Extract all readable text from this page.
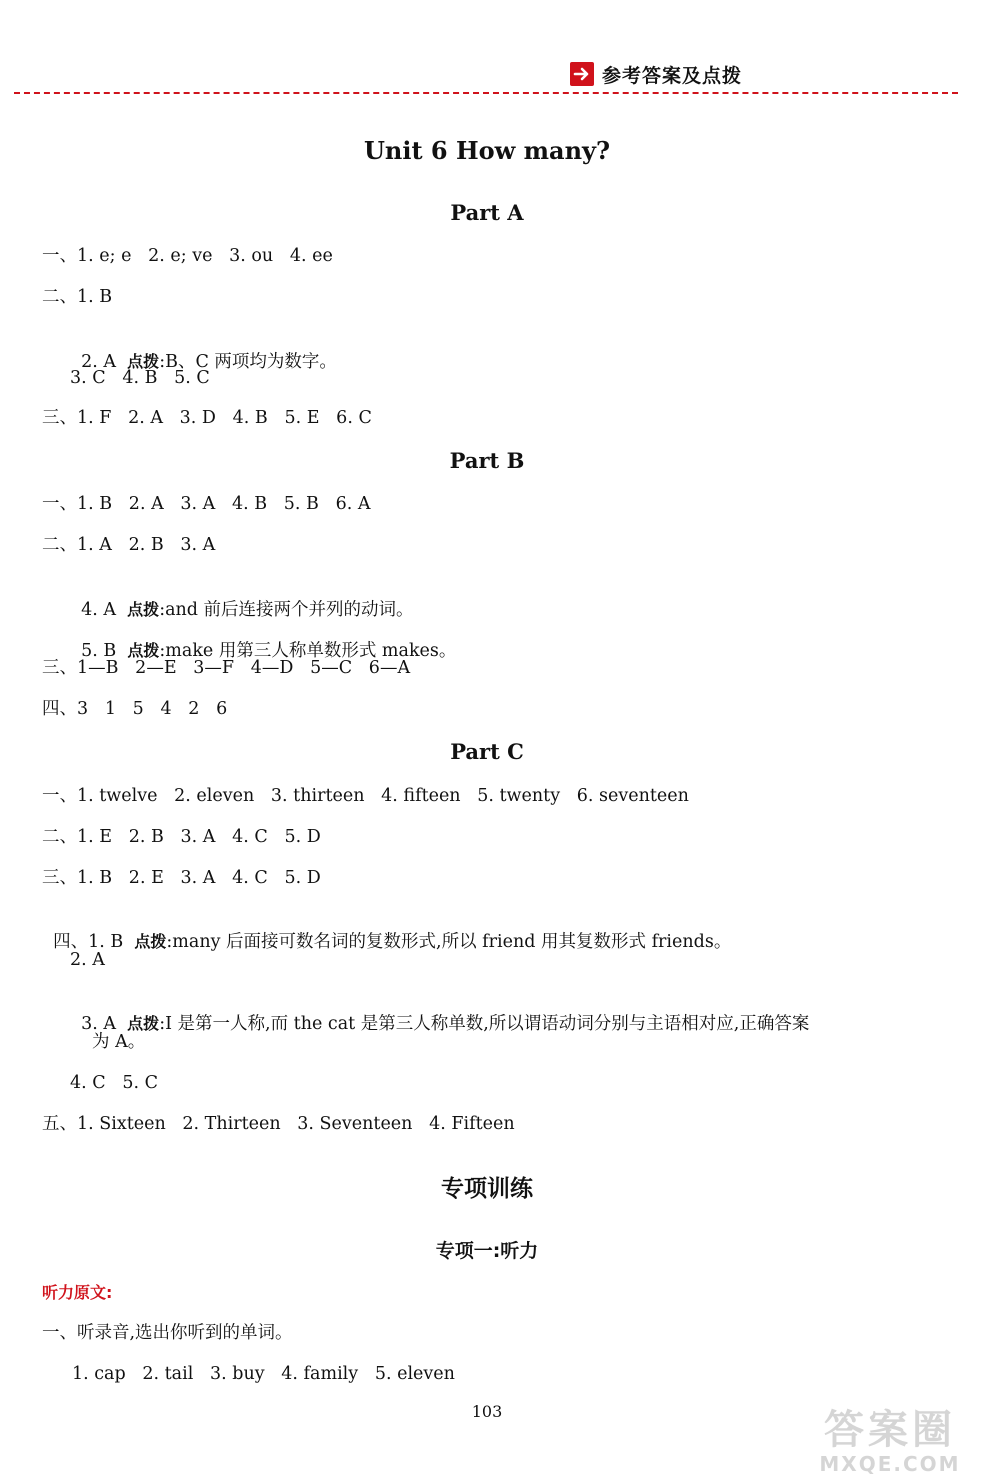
参考答案及点拨
Unit 6 How many?
Part A
一、1. e; e   2. e; ve   3. ou   4. ee
二、1. B

2. A  点拨:B、C 两项均为数字。

3. C   4. B   5. C
三、1. F   2. A   3. D   4. B   5. E   6. C
Part B
一、1. B   2. A   3. A   4. B   5. B   6. A
二、1. A   2. B   3. A

4. A  点拨:and 前后连接两个并列的动词。

5. B  点拨:make 用第三人称单数形式 makes。

三、1—B   2—E   3—F   4—D   5—C   6—A
四、3   1   5   4   2   6
Part C
一、1. twelve   2. eleven   3. thirteen   4. fifteen   5. twenty   6. seventeen
二、1. E   2. B   3. A   4. C   5. D
三、1. B   2. E   3. A   4. C   5. D

四、1. B  点拨:many 后面接可数名词的复数形式,所以 friend 用其复数形式 friends。

2. A

3. A  点拨:I 是第一人称,而 the cat 是第三人称单数,所以谓语动词分别与主语相对应,正确答案

为 A。
4. C   5. C
五、1. Sixteen   2. Thirteen   3. Seventeen   4. Fifteen
专项训练
专项一:听力
听力原文:
一、听录音,选出你听到的单词。
1. cap   2. tail   3. buy   4. family   5. eleven
103	答案圈
MXQE.COM
